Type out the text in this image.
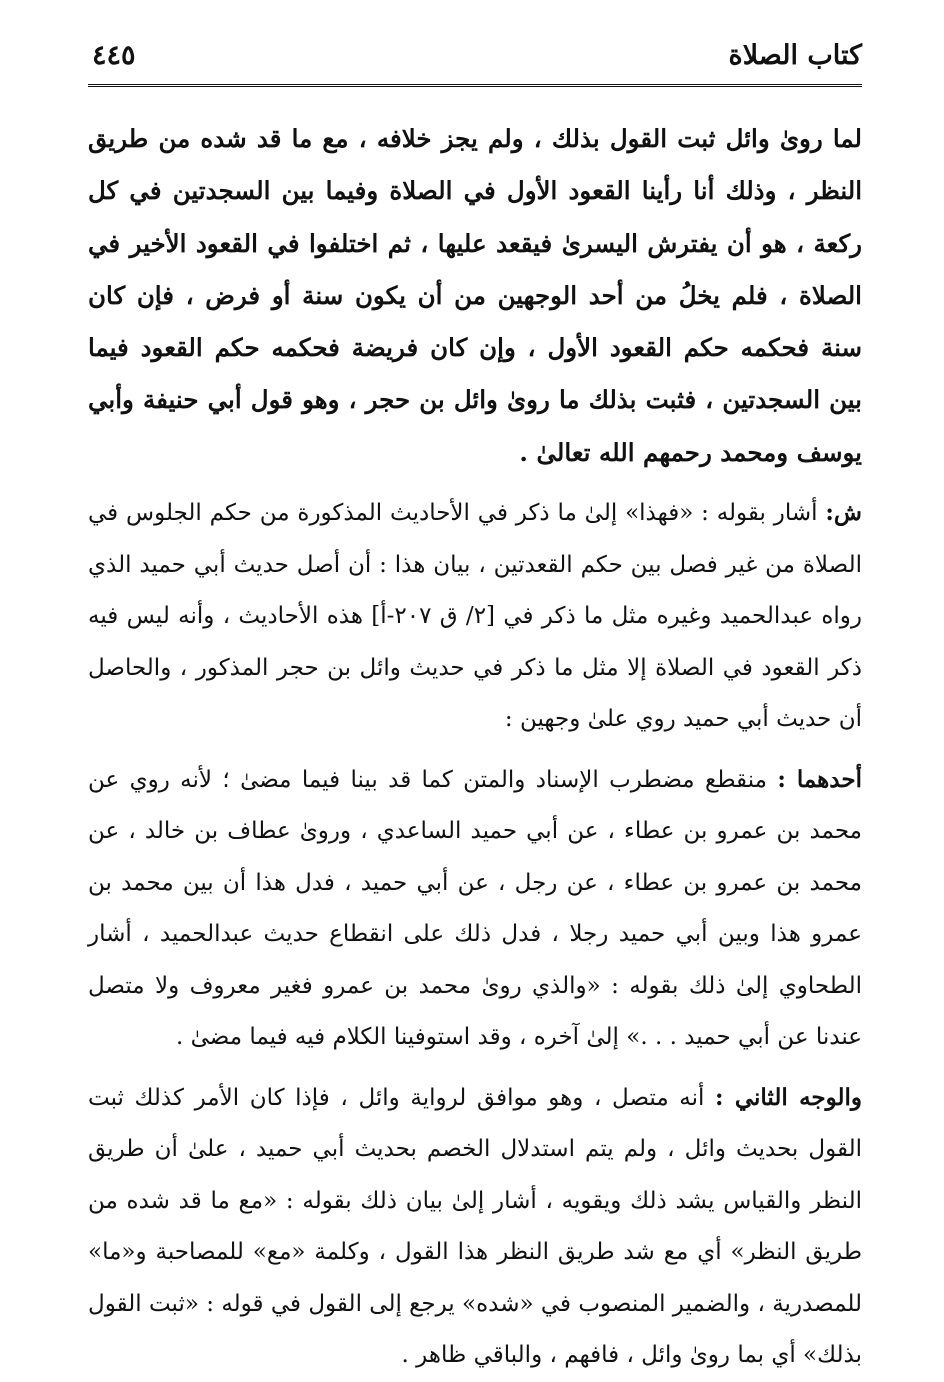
كتاب الصلاة
٤٤٥

لما روىٰ وائل ثبت القول بذلك ، ولم يجز خلافه ، مع ما قد شده من طريق النظر ، وذلك أنا رأينا القعود الأول في الصلاة وفيما بين السجدتين في كل ركعة ، هو أن يفترش اليسرىٰ فيقعد عليها ، ثم اختلفوا في القعود الأخير في الصلاة ، فلم يخلُ من أحد الوجهين من أن يكون سنة أو فرض ، فإن كان سنة فحكمه حكم القعود الأول ، وإن كان فريضة فحكمه حكم القعود فيما بين السجدتين ، فثبت بذلك ما روىٰ وائل بن حجر ، وهو قول أبي حنيفة وأبي يوسف ومحمد رحمهم الله تعالىٰ .

ش: أشار بقوله : «فهذا» إلىٰ ما ذكر في الأحاديث المذكورة من حكم الجلوس في الصلاة من غير فصل بين حكم القعدتين ، بيان هذا : أن أصل حديث أبي حميد الذي رواه عبدالحميد وغيره مثل ما ذكر في [٢/ ق ٢٠٧-أ] هذه الأحاديث ، وأنه ليس فيه ذكر القعود في الصلاة إلا مثل ما ذكر في حديث وائل بن حجر المذكور ، والحاصل أن حديث أبي حميد روي علىٰ وجهين :

أحدهما : منقطع مضطرب الإسناد والمتن كما قد بينا فيما مضىٰ ؛ لأنه روي عن محمد بن عمرو بن عطاء ، عن أبي حميد الساعدي ، وروىٰ عطاف بن خالد ، عن محمد بن عمرو بن عطاء ، عن رجل ، عن أبي حميد ، فدل هذا أن بين محمد بن عمرو هذا وبين أبي حميد رجلا ، فدل ذلك على انقطاع حديث عبدالحميد ، أشار الطحاوي إلىٰ ذلك بقوله : «والذي روىٰ محمد بن عمرو فغير معروف ولا متصل عندنا عن أبي حميد . . .» إلىٰ آخره ، وقد استوفينا الكلام فيه فيما مضىٰ .

والوجه الثاني : أنه متصل ، وهو موافق لرواية وائل ، فإذا كان الأمر كذلك ثبت القول بحديث وائل ، ولم يتم استدلال الخصم بحديث أبي حميد ، علىٰ أن طريق النظر والقياس يشد ذلك ويقويه ، أشار إلىٰ بيان ذلك بقوله : «مع ما قد شده من طريق النظر» أي مع شد طريق النظر هذا القول ، وكلمة «مع» للمصاحبة و«ما» للمصدرية ، والضمير المنصوب في «شده» يرجع إلى القول في قوله : «ثبت القول بذلك» أي بما روىٰ وائل ، فافهم ، والباقي ظاهر .
